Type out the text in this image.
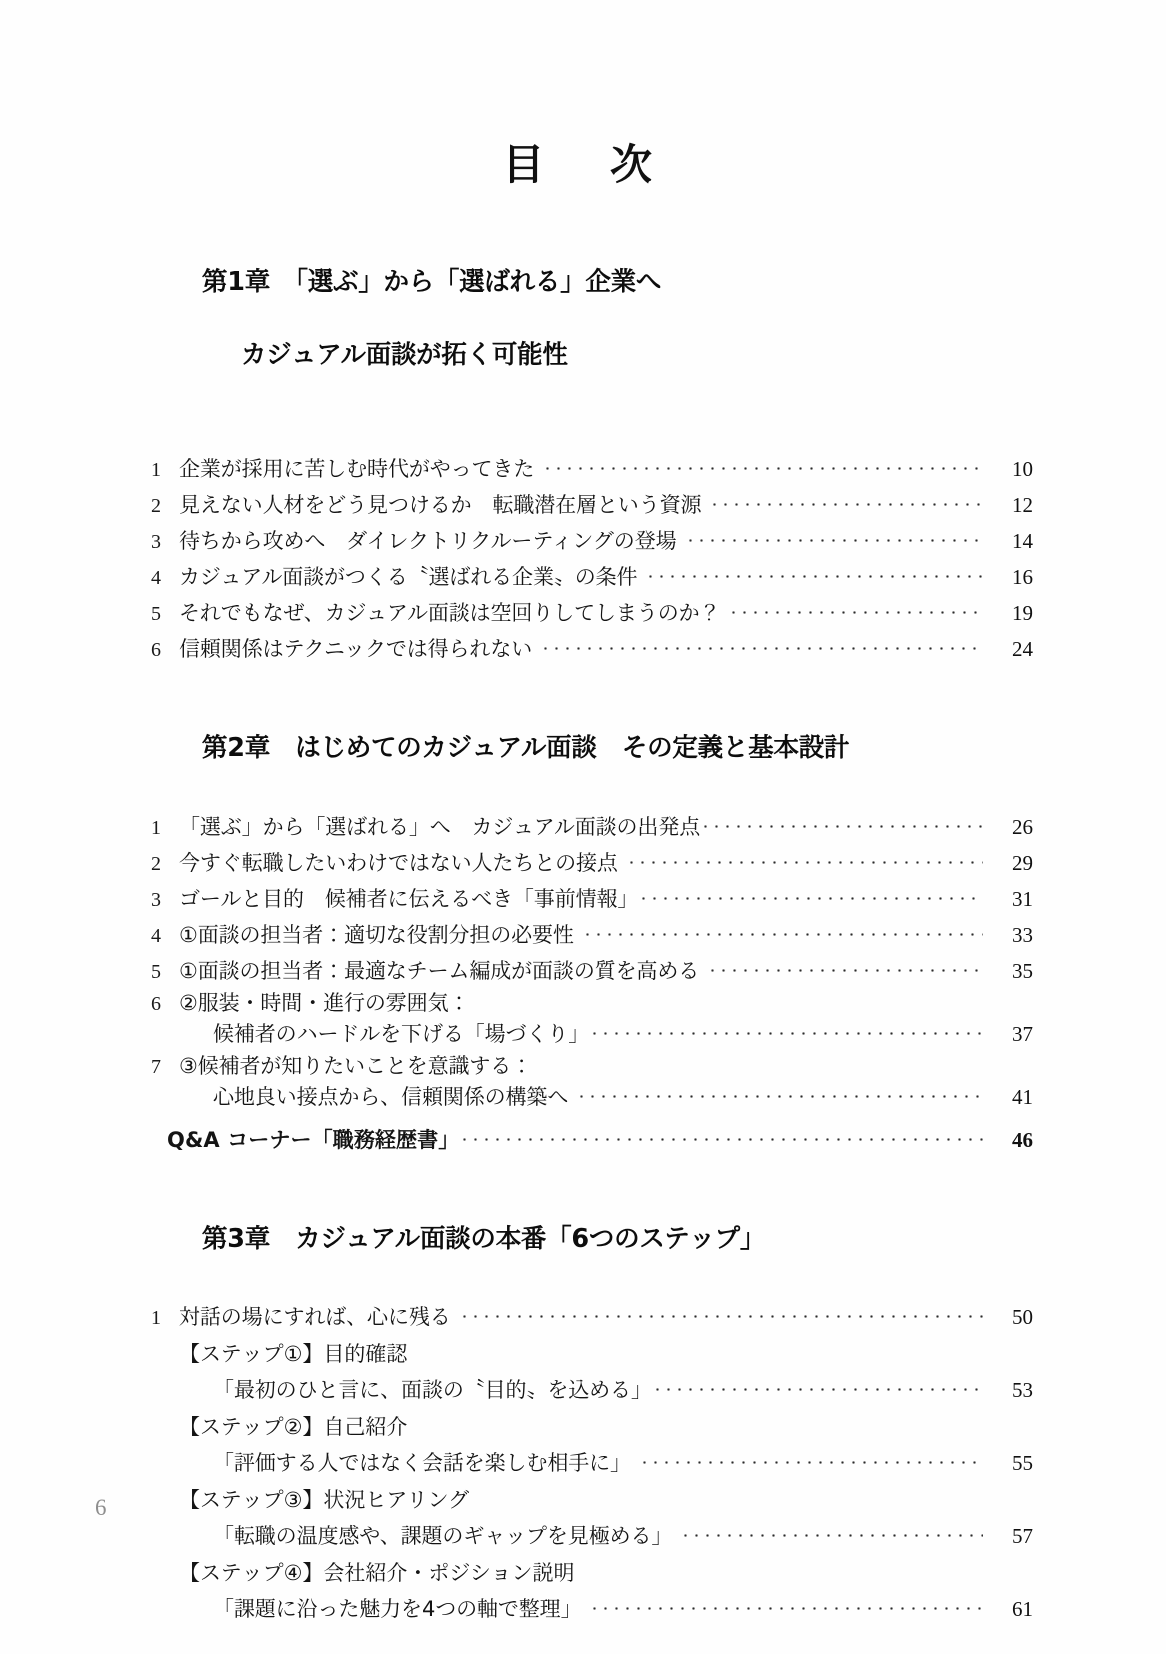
目　次

第1章　「選ぶ」から「選ばれる」企業へ

カジュアル面談が拓く可能性

1 企業が採用に苦しむ時代がやってきた	10
2 見えない人材をどう見つけるか　転職潜在層という資源	12
3 待ちから攻めへ　ダイレクトリクルーティングの登場	14
4 カジュアル面談がつくる〝選ばれる企業〟の条件	16
5 それでもなぜ、カジュアル面談は空回りしてしまうのか？	19
6 信頼関係はテクニックでは得られない	24

第2章　はじめてのカジュアル面談　その定義と基本設計

1 「選ぶ」から「選ばれる」へ　カジュアル面談の出発点	26
2 今すぐ転職したいわけではない人たちとの接点	29
3 ゴールと目的　候補者に伝えるべき「事前情報」	31
4 ①面談の担当者：適切な役割分担の必要性	33
5 ①面談の担当者：最適なチーム編成が面談の質を高める	35
6 ②服装・時間・進行の雰囲気：
候補者のハードルを下げる「場づくり」	37
7 ③候補者が知りたいことを意識する：
心地良い接点から、信頼関係の構築へ	41
Q&A コーナー「職務経歴書」	46

第3章　カジュアル面談の本番「6つのステップ」

1 対話の場にすれば、心に残る	50
【ステップ①】目的確認
「最初のひと言に、面談の〝目的〟を込める」	53
【ステップ②】自己紹介
「評価する人ではなく会話を楽しむ相手に」	55
【ステップ③】状況ヒアリング
「転職の温度感や、課題のギャップを見極める」	57
【ステップ④】会社紹介・ポジション説明
「課題に沿った魅力を4つの軸で整理」	61
6
